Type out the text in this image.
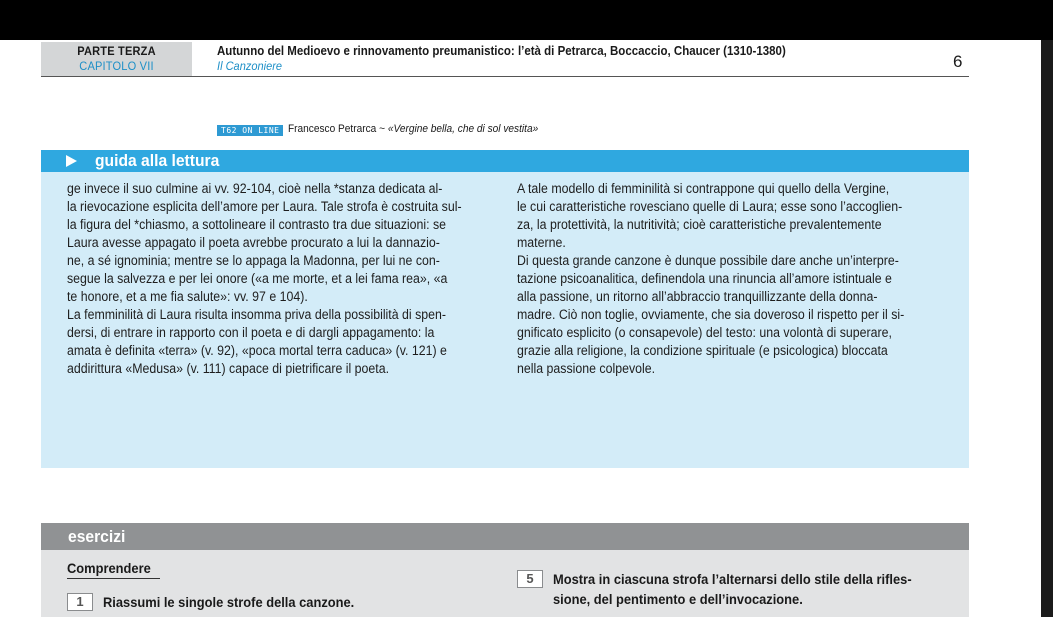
PARTE TERZA
CAPITOLO VII
Autunno del Medioevo e rinnovamento preumanistico: l’età di Petrarca, Boccaccio, Chaucer (1310-1380)
Il Canzoniere	6
T62 ON LINE Francesco Petrarca ~ «Vergine bella, che di sol vestita»
guida alla lettura
ge invece il suo culmine ai vv. 92-104, cioè nella *stanza dedicata al-
la rievocazione esplicita dell’amore per Laura. Tale strofa è costruita sul-
la figura del *chiasmo, a sottolineare il contrasto tra due situazioni: se
Laura avesse appagato il poeta avrebbe procurato a lui la dannazio-
ne, a sé ignominia; mentre se lo appaga la Madonna, per lui ne con-
segue la salvezza e per lei onore («a me morte, et a lei fama rea», «a
te honore, et a me fia salute»: vv. 97 e 104).
La femminilità di Laura risulta insomma priva della possibilità di spen-
dersi, di entrare in rapporto con il poeta e di dargli appagamento: la
amata è definita «terra» (v. 92), «poca mortal terra caduca» (v. 121) e
addirittura «Medusa» (v. 111) capace di pietrificare il poeta.
A tale modello di femminilità si contrappone qui quello della Vergine,
le cui caratteristiche rovesciano quelle di Laura; esse sono l’accoglien-
za, la protettività, la nutritività; cioè caratteristiche prevalentemente
materne.
Di questa grande canzone è dunque possibile dare anche un’interpre-
tazione psicoanalitica, definendola una rinuncia all’amore istintuale e
alla passione, un ritorno all’abbraccio tranquillizzante della donna-
madre. Ciò non toglie, ovviamente, che sia doveroso il rispetto per il si-
gnificato esplicito (o consapevole) del testo: una volontà di superare,
grazie alla religione, la condizione spirituale (e psicologica) bloccata
nella passione colpevole.
esercizi
Comprendere
1	Riassumi le singole strofe della canzone.
5	Mostra in ciascuna strofa l’alternarsi dello stile della rifles-
sione, del pentimento e dell’invocazione.
